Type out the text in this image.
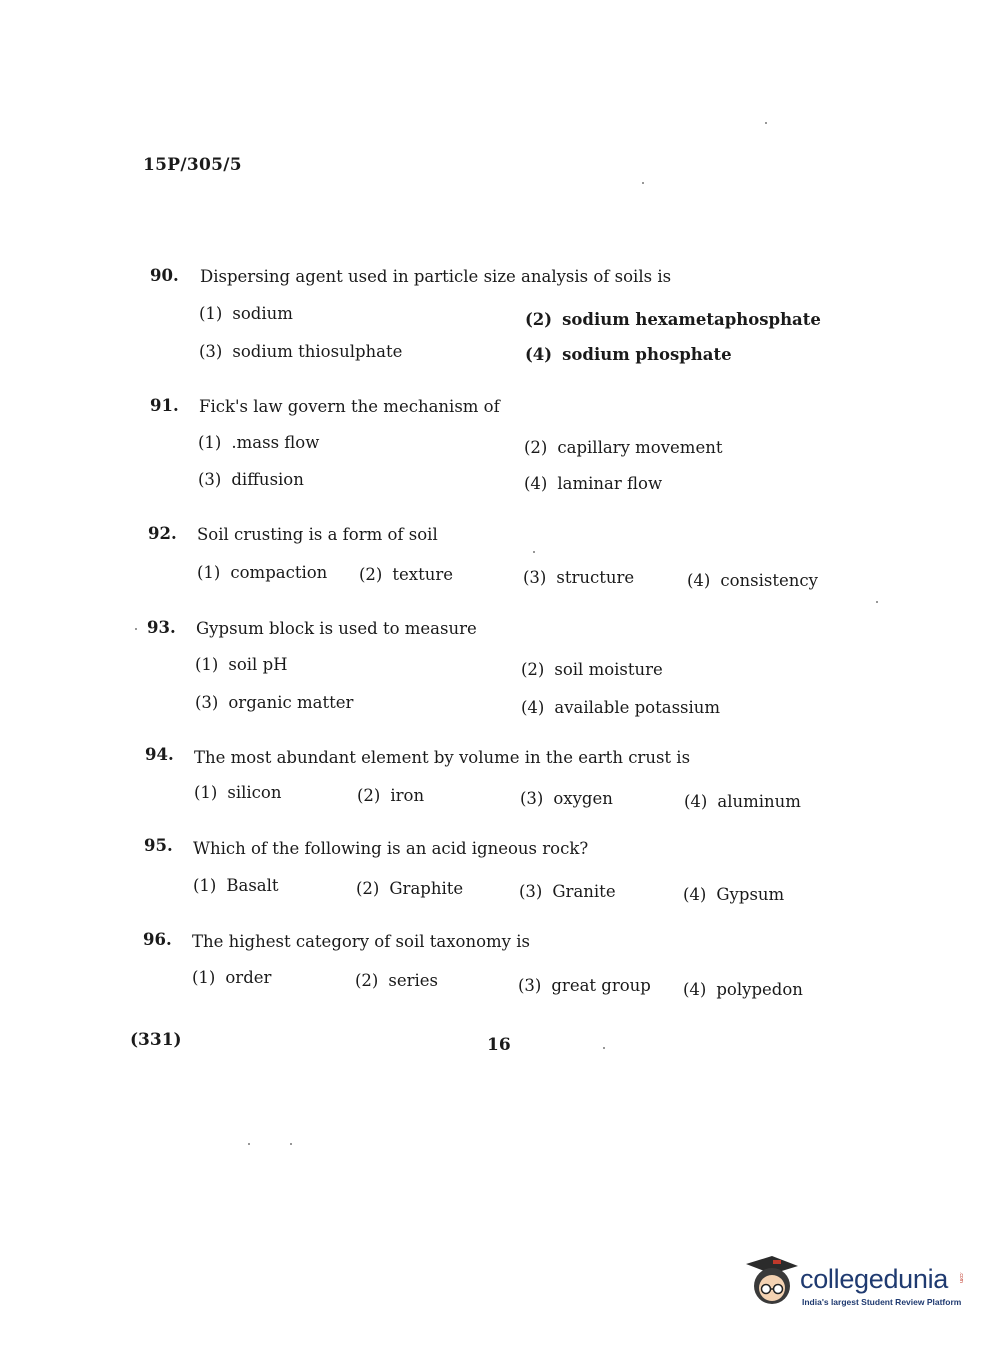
15P/305/5
90. Dispersing agent used in particle size analysis of soils is
(1) sodium	(2) sodium hexametaphosphate
(3) sodium thiosulphate	(4) sodium phosphate
91. Fick's law govern the mechanism of
(1) .mass flow	(2) capillary movement
(3) diffusion	(4) laminar flow
92. Soil crusting is a form of soil
(1) compaction (2) texture	(3) structure	(4) consistency
93. Gypsum block is used to measure
(1) soil pH	(2) soil moisture
(3) organic matter	(4) available potassium
94. The most abundant element by volume in the earth crust is
(1) silicon	(2) iron	(3) oxygen	(4) aluminum
95. Which of the following is an acid igneous rock?
(1) Basalt	(2) Graphite	(3) Granite	(4) Gypsum
96. The highest category of soil taxonomy is
(1) order	(2) series	(3) great group (4) polypedon
(331)	16
collegedunia .com
India's largest Student Review Platform
